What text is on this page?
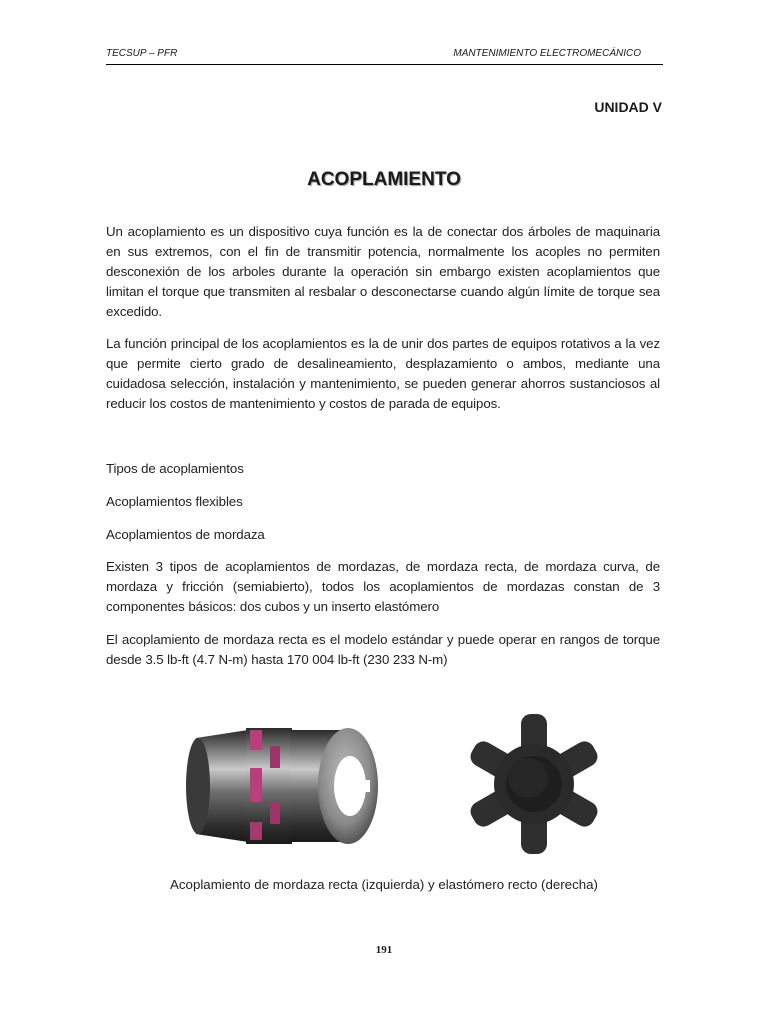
TECSUP – PFR	MANTENIMIENTO ELECTROMECÁNICO
UNIDAD V
ACOPLAMIENTO
Un acoplamiento es un dispositivo cuya función es la de conectar dos árboles de maquinaria en sus extremos, con el fin de transmitir potencia, normalmente los acoples no permiten desconexión de los arboles durante la operación sin embargo existen acoplamientos que limitan el torque que transmiten al resbalar o desconectarse cuando algún límite de torque sea excedido.
La función principal de los acoplamientos es la de unir dos partes de equipos rotativos a la vez que permite cierto grado de desalineamiento, desplazamiento o ambos, mediante una cuidadosa selección, instalación y mantenimiento, se pueden generar ahorros sustanciosos al reducir los costos de mantenimiento y costos de parada de equipos.
Tipos de acoplamientos
Acoplamientos flexibles
Acoplamientos de mordaza
Existen 3 tipos de acoplamientos de mordazas, de mordaza recta, de mordaza curva, de mordaza y fricción (semiabierto), todos los acoplamientos de mordazas constan de 3 componentes básicos: dos cubos y un inserto elastómero
El acoplamiento de mordaza recta es el modelo estándar y puede operar en rangos de torque desde 3.5 lb-ft (4.7 N-m) hasta 170 004 lb-ft (230 233 N-m)
Acoplamiento de mordaza recta (izquierda) y elastómero recto (derecha)
191
